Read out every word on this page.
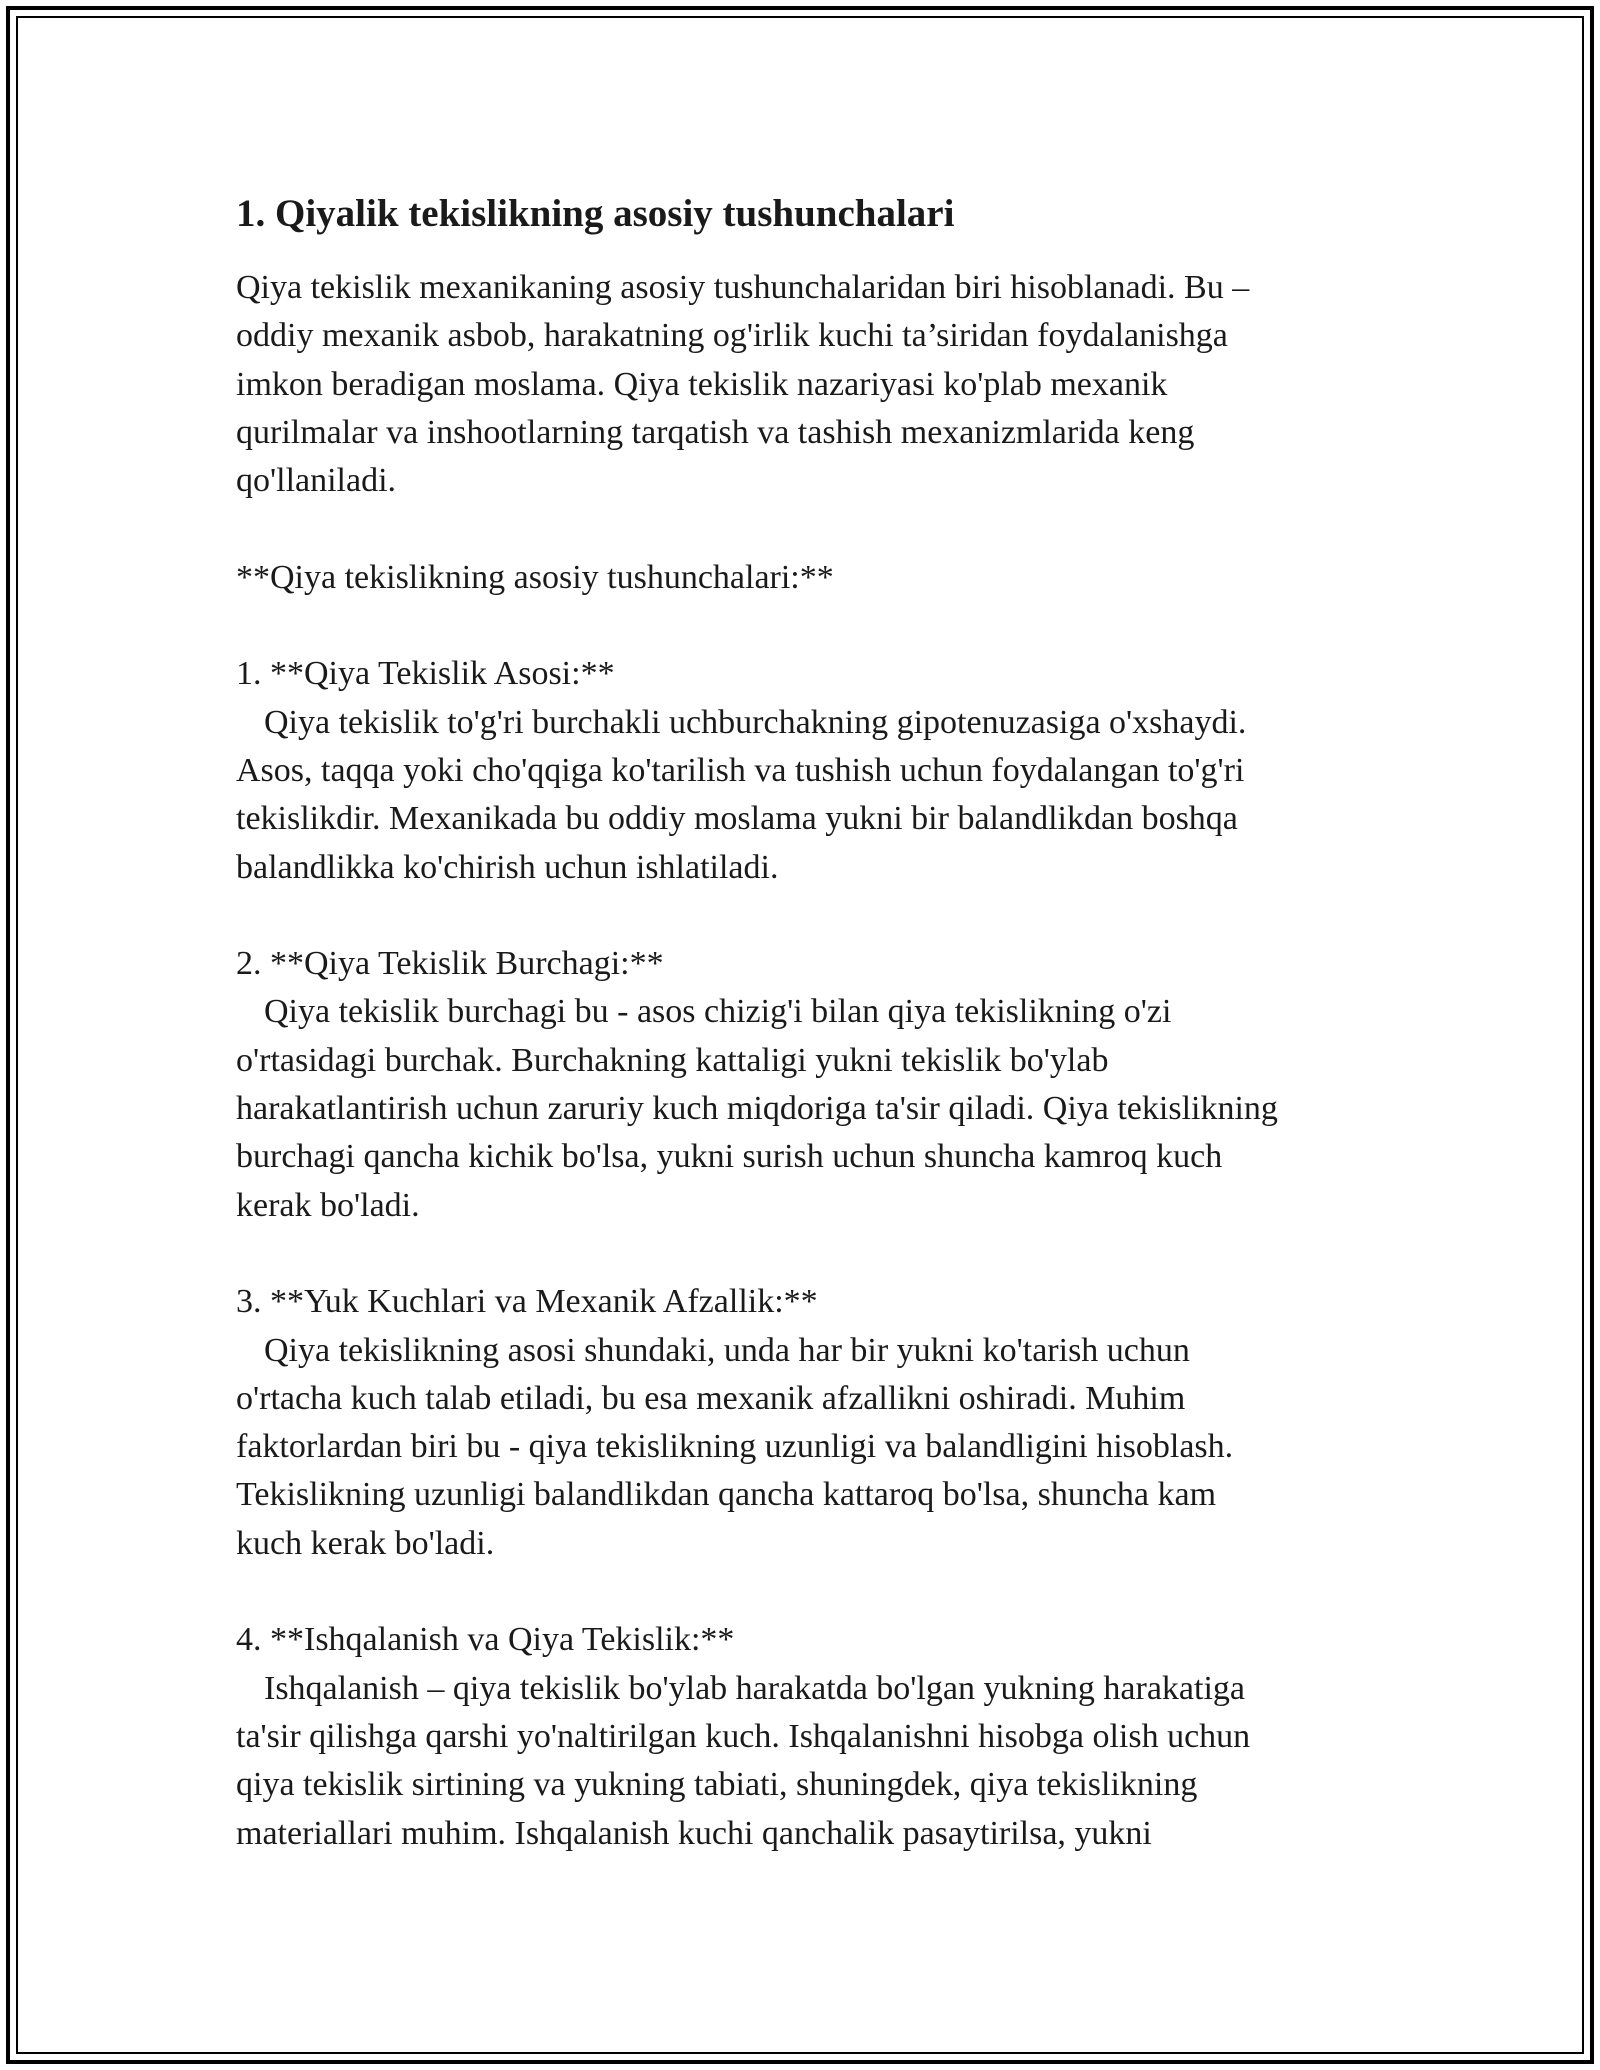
1. Qiyalik tekislikning asosiy tushunchalari
Qiya tekislik mexanikaning asosiy tushunchalaridan biri hisoblanadi. Bu –
oddiy mexanik asbob, harakatning og'irlik kuchi ta’siridan foydalanishga
imkon beradigan moslama. Qiya tekislik nazariyasi ko'plab mexanik
qurilmalar va inshootlarning tarqatish va tashish mexanizmlarida keng
qo'llaniladi.
**Qiya tekislikning asosiy tushunchalari:**
1. **Qiya Tekislik Asosi:**
Qiya tekislik to'g'ri burchakli uchburchakning gipotenuzasiga o'xshaydi.
Asos, taqqa yoki cho'qqiga ko'tarilish va tushish uchun foydalangan to'g'ri
tekislikdir. Mexanikada bu oddiy moslama yukni bir balandlikdan boshqa
balandlikka ko'chirish uchun ishlatiladi.
2. **Qiya Tekislik Burchagi:**
Qiya tekislik burchagi bu - asos chizig'i bilan qiya tekislikning o'zi
o'rtasidagi burchak. Burchakning kattaligi yukni tekislik bo'ylab
harakatlantirish uchun zaruriy kuch miqdoriga ta'sir qiladi. Qiya tekislikning
burchagi qancha kichik bo'lsa, yukni surish uchun shuncha kamroq kuch
kerak bo'ladi.
3. **Yuk Kuchlari va Mexanik Afzallik:**
Qiya tekislikning asosi shundaki, unda har bir yukni ko'tarish uchun
o'rtacha kuch talab etiladi, bu esa mexanik afzallikni oshiradi. Muhim
faktorlardan biri bu - qiya tekislikning uzunligi va balandligini hisoblash.
Tekislikning uzunligi balandlikdan qancha kattaroq bo'lsa, shuncha kam
kuch kerak bo'ladi.
4. **Ishqalanish va Qiya Tekislik:**
Ishqalanish – qiya tekislik bo'ylab harakatda bo'lgan yukning harakatiga
ta'sir qilishga qarshi yo'naltirilgan kuch. Ishqalanishni hisobga olish uchun
qiya tekislik sirtining va yukning tabiati, shuningdek, qiya tekislikning
materiallari muhim. Ishqalanish kuchi qanchalik pasaytirilsa, yukni
